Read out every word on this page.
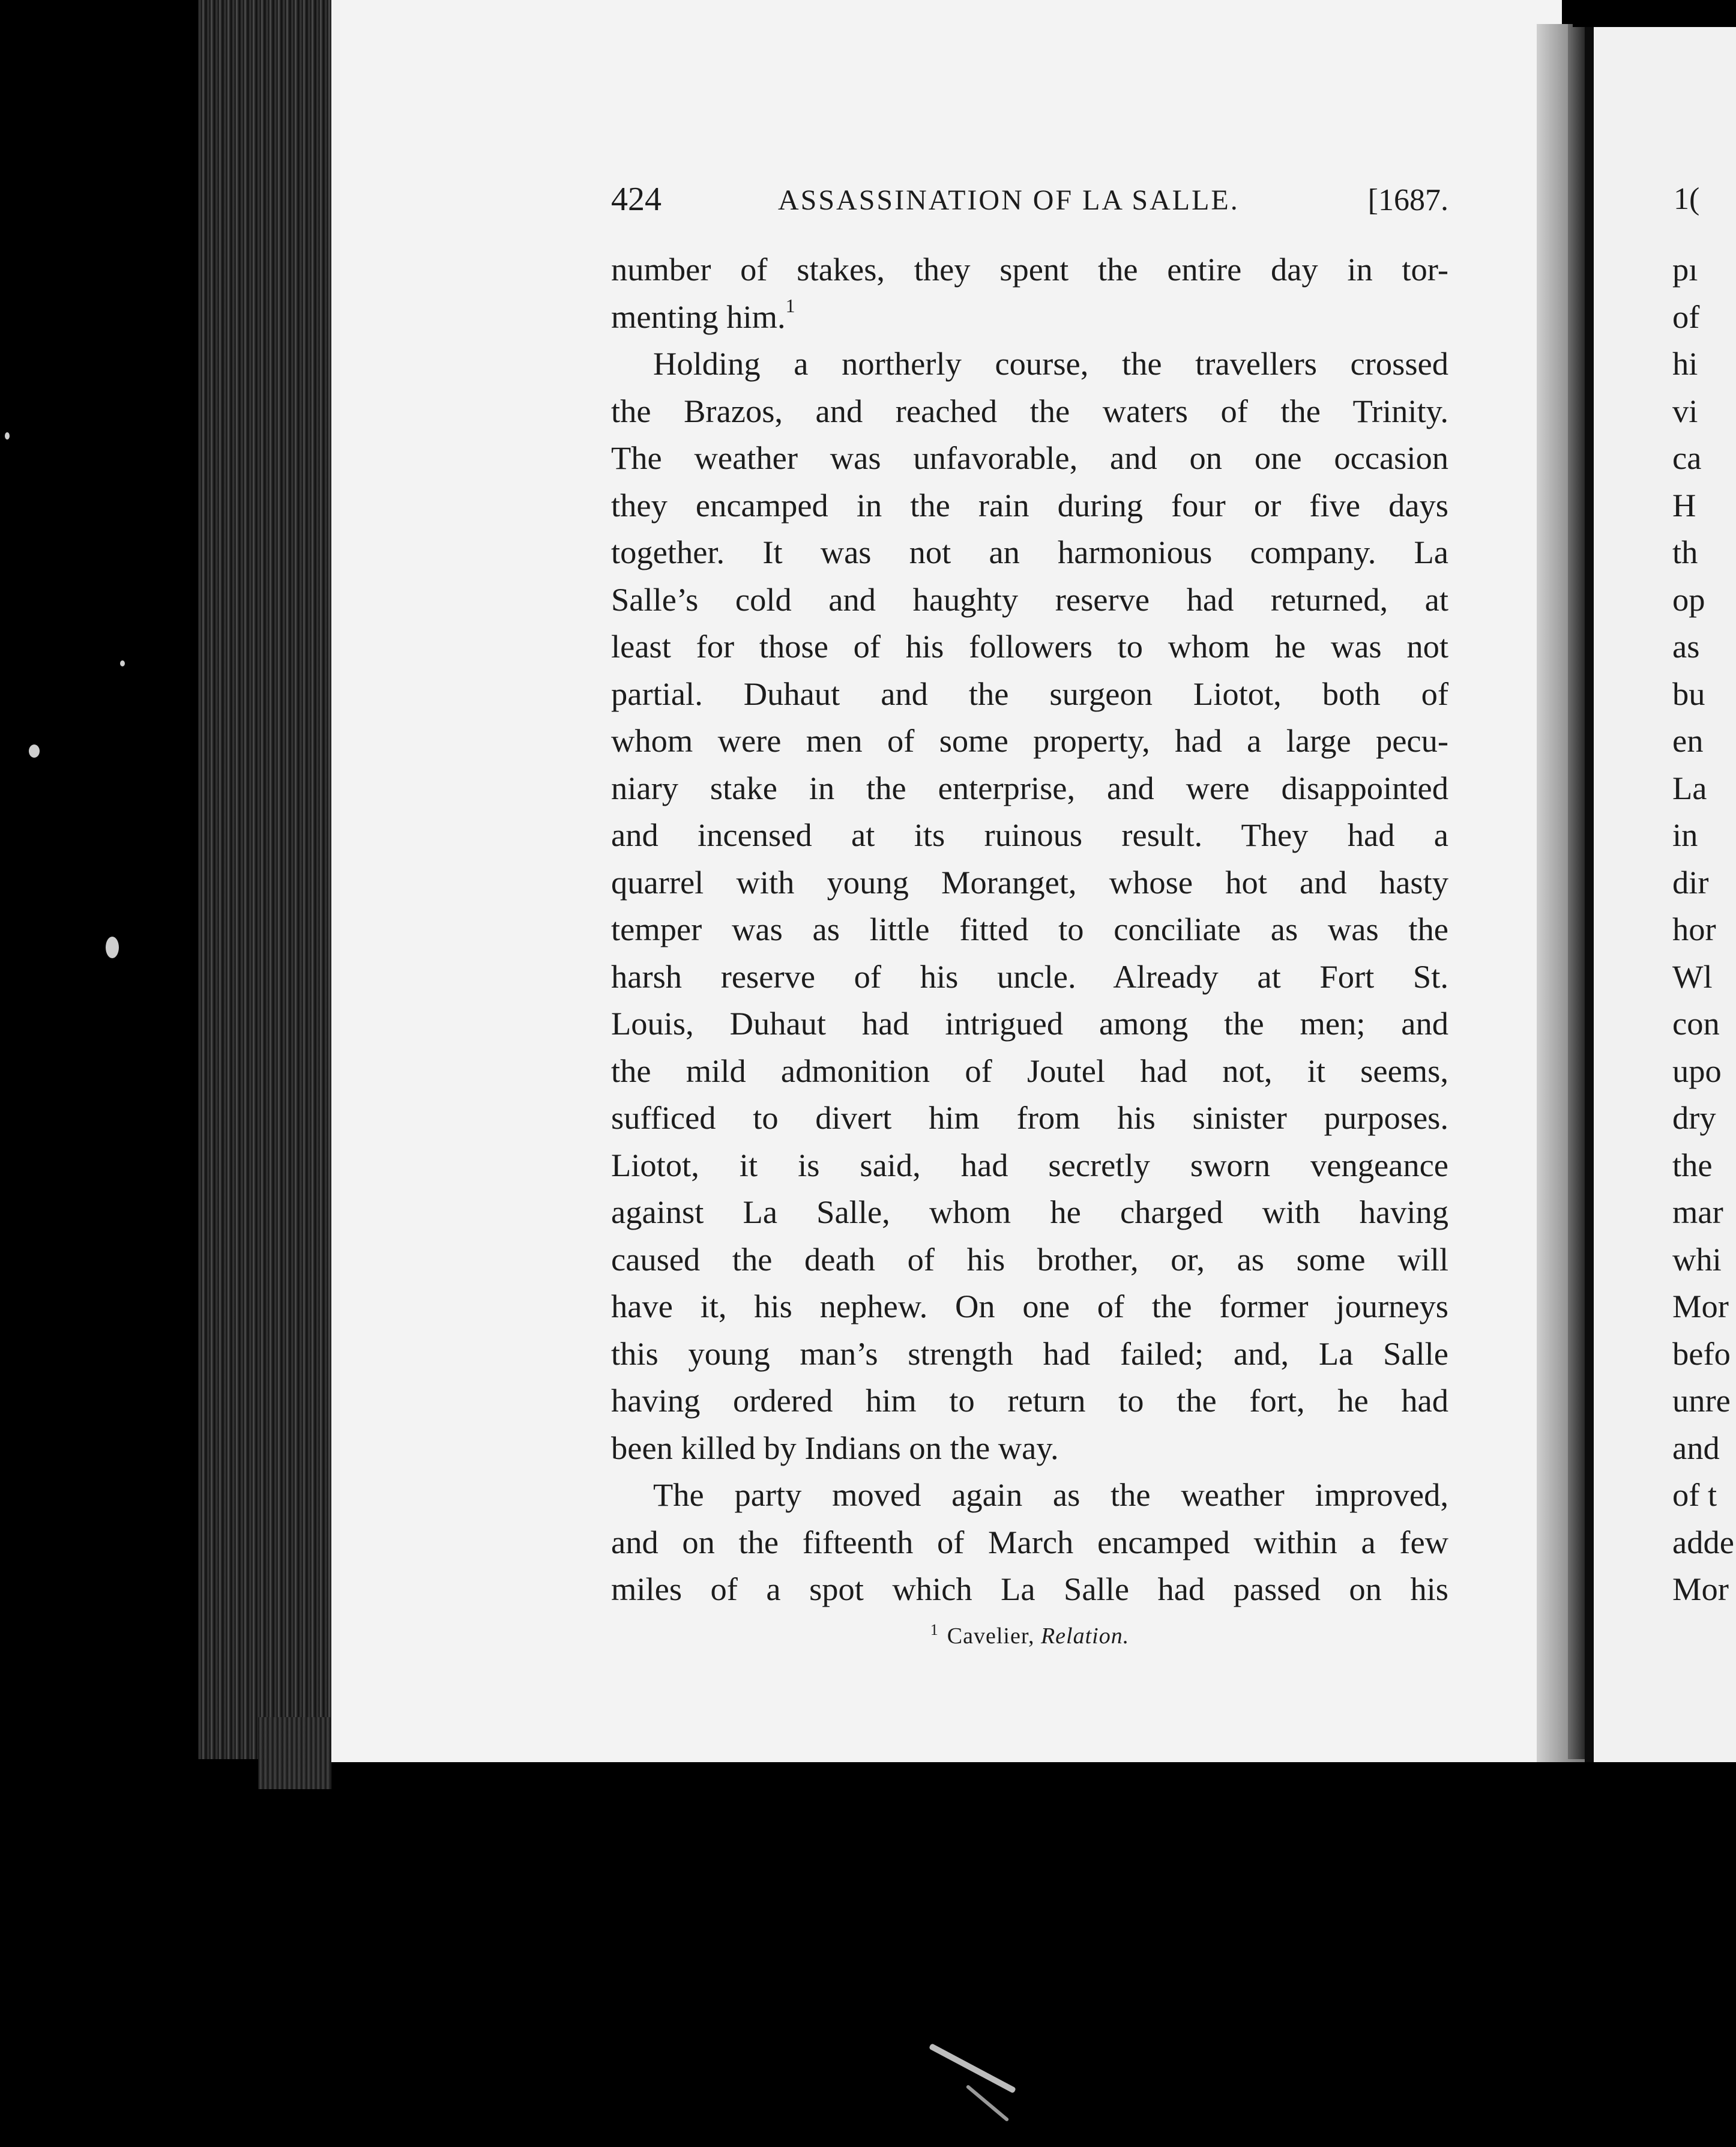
424	ASSASSINATION OF LA SALLE.	[1687.
number of stakes, they spent the entire day in tor-
menting him.$^1$
Holding a northerly course, the travellers crossed
the Brazos, and reached the waters of the Trinity.
The weather was unfavorable, and on one occasion
they encamped in the rain during four or five days
together. It was not an harmonious company. La
Salle’s cold and haughty reserve had returned, at
least for those of his followers to whom he was not
partial. Duhaut and the surgeon Liotot, both of
whom were men of some property, had a large pecu-
niary stake in the enterprise, and were disappointed
and incensed at its ruinous result. They had a
quarrel with young Moranget, whose hot and hasty
temper was as little fitted to conciliate as was the
harsh reserve of his uncle. Already at Fort St.
Louis, Duhaut had intrigued among the men; and
the mild admonition of Joutel had not, it seems,
sufficed to divert him from his sinister purposes.
Liotot, it is said, had secretly sworn vengeance
against La Salle, whom he charged with having
caused the death of his brother, or, as some will
have it, his nephew. On one of the former journeys
this young man’s strength had failed; and, La Salle
having ordered him to return to the fort, he had
been killed by Indians on the way.
The party moved again as the weather improved,
and on the fifteenth of March encamped within a few
miles of a spot which La Salle had passed on his
$^1$ Cavelier, Relation.
1(
pı
of
hi
vi
ca
H
th
op
as
bu
en
La
in
dir
hor
Wl
con
upo
dry
the
mar
whi
Mor
befo
unre
and
of t
adde
Mor
